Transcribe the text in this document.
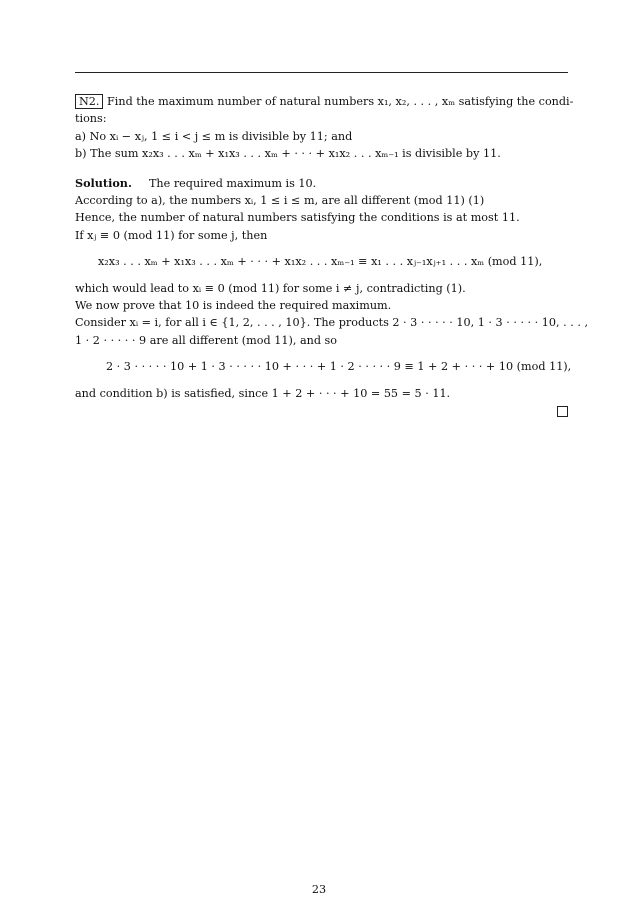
N2. Find the maximum number of natural numbers x₁, x₂, . . . , xₘ satisfying the condi-
tions:
a) No xᵢ − xⱼ, 1 ≤ i < j ≤ m is divisible by 11; and
b) The sum x₂x₃ . . . xₘ + x₁x₃ . . . xₘ + · · · + x₁x₂ . . . xₘ₋₁ is divisible by 11.
Solution. The required maximum is 10.
According to a), the numbers xᵢ, 1 ≤ i ≤ m, are all different (mod 11) (1)
Hence, the number of natural numbers satisfying the conditions is at most 11.
If xⱼ ≡ 0 (mod 11) for some j, then
x₂x₃ . . . xₘ + x₁x₃ . . . xₘ + · · · + x₁x₂ . . . xₘ₋₁ ≡ x₁ . . . xⱼ₋₁xⱼ₊₁ . . . xₘ (mod 11),
which would lead to xᵢ ≡ 0 (mod 11) for some i ≠ j, contradicting (1).
We now prove that 10 is indeed the required maximum.
Consider xᵢ = i, for all i ∈ {1, 2, . . . , 10}. The products 2 · 3 · · · · · 10, 1 · 3 · · · · · 10, . . . ,
1 · 2 · · · · · 9 are all different (mod 11), and so
2 · 3 · · · · · 10 + 1 · 3 · · · · · 10 + · · · + 1 · 2 · · · · · 9 ≡ 1 + 2 + · · · + 10 (mod 11),
and condition b) is satisfied, since 1 + 2 + · · · + 10 = 55 = 5 · 11.
23
